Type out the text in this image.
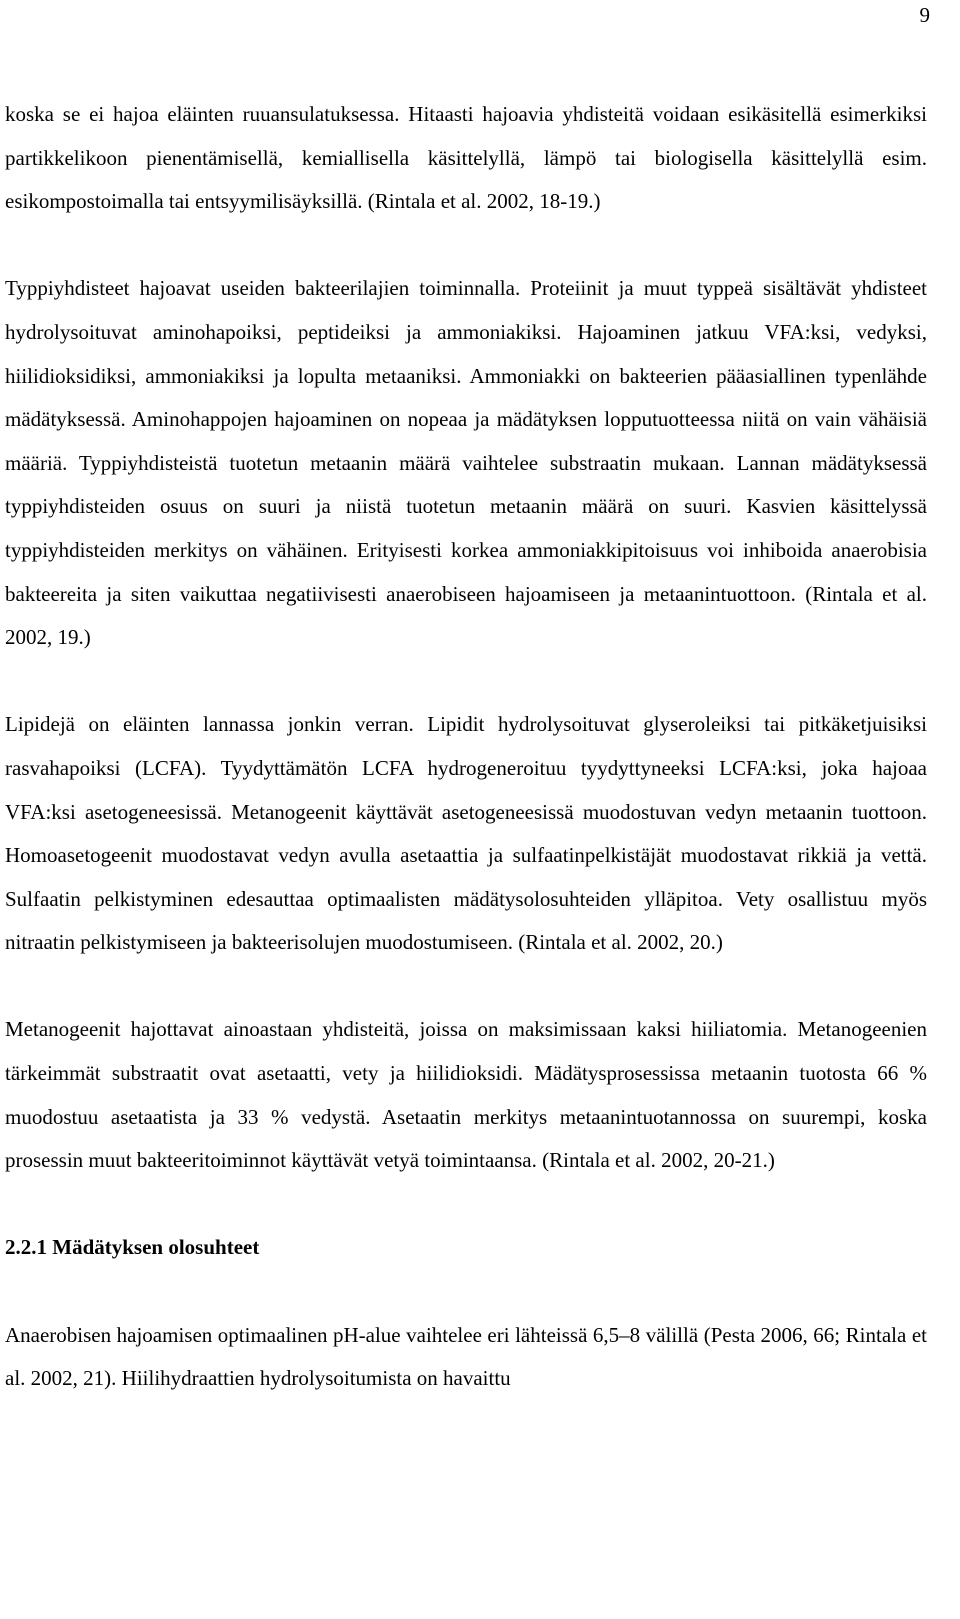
9

koska se ei hajoa eläinten ruuansulatuksessa. Hitaasti hajoavia yhdisteitä voidaan esikäsitellä esimerkiksi partikkelikoon pienentämisellä, kemiallisella käsittelyllä, lämpö tai biologisella käsittelyllä esim. esikompostoimalla tai entsyymilisäyksillä. (Rintala et al. 2002, 18-19.)

Typpiyhdisteet hajoavat useiden bakteerilajien toiminnalla. Proteiinit ja muut typpeä sisältävät yhdisteet hydrolysoituvat aminohapoiksi, peptideiksi ja ammoniakiksi. Hajoaminen jatkuu VFA:ksi, vedyksi, hiilidioksidiksi, ammoniakiksi ja lopulta metaaniksi. Ammoniakki on bakteerien pääasiallinen typenlähde mädätyksessä. Aminohappojen hajoaminen on nopeaa ja mädätyksen lopputuotteessa niitä on vain vähäisiä määriä. Typpiyhdisteistä tuotetun metaanin määrä vaihtelee substraatin mukaan. Lannan mädätyksessä typpiyhdisteiden osuus on suuri ja niistä tuotetun metaanin määrä on suuri. Kasvien käsittelyssä typpiyhdisteiden merkitys on vähäinen. Erityisesti korkea ammoniakkipitoisuus voi inhiboida anaerobisia bakteereita ja siten vaikuttaa negatiivisesti anaerobiseen hajoamiseen ja metaanintuottoon. (Rintala et al. 2002, 19.)

Lipidejä on eläinten lannassa jonkin verran. Lipidit hydrolysoituvat glyseroleiksi tai pitkäketjuisiksi rasvahapoiksi (LCFA). Tyydyttämätön LCFA hydrogeneroituu tyydyttyneeksi LCFA:ksi, joka hajoaa VFA:ksi asetogeneesissä. Metanogeenit käyttävät asetogeneesissä muodostuvan vedyn metaanin tuottoon. Homoasetogeenit muodostavat vedyn avulla asetaattia ja sulfaatinpelkistäjät muodostavat rikkiä ja vettä. Sulfaatin pelkistyminen edesauttaa optimaalisten mädätysolosuhteiden ylläpitoa. Vety osallistuu myös nitraatin pelkistymiseen ja bakteerisolujen muodostumiseen. (Rintala et al. 2002, 20.)

Metanogeenit hajottavat ainoastaan yhdisteitä, joissa on maksimissaan kaksi hiiliatomia. Metanogeenien tärkeimmät substraatit ovat asetaatti, vety ja hiilidioksidi. Mädätysprosessissa metaanin tuotosta 66 % muodostuu asetaatista ja 33 % vedystä. Asetaatin merkitys metaanintuotannossa on suurempi, koska prosessin muut bakteeritoiminnot käyttävät vetyä toimintaansa. (Rintala et al. 2002, 20-21.)

2.2.1 Mädätyksen olosuhteet

Anaerobisen hajoamisen optimaalinen pH-alue vaihtelee eri lähteissä 6,5–8 välillä (Pesta 2006, 66; Rintala et al. 2002, 21). Hiilihydraattien hydrolysoitumista on havaittu
